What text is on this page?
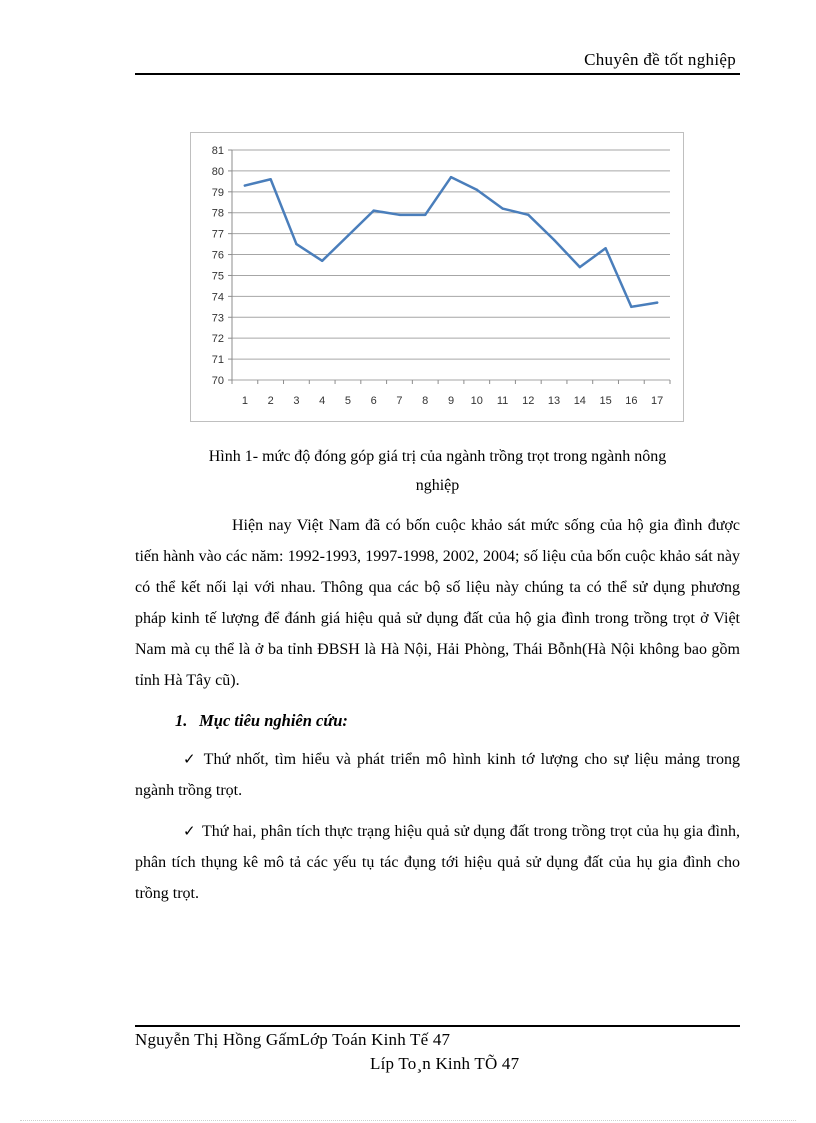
Chuyên đề tốt nghiệp
70
71
72
73
74
75
76
77
78
79
80
81
1 2 3 4 5 6 7 8 9 10 11 12 13 14 15 16 17
Hình 1- mức độ đóng góp giá trị của ngành trồng trọt trong ngành nông
nghiệp

Hiện nay Việt Nam đã có bốn cuộc khảo sát mức sống của hộ gia đình được tiến hành vào các năm: 1992-1993, 1997-1998, 2002, 2004; số liệu của bốn cuộc khảo sát này có thể kết nối lại với nhau. Thông qua các bộ số liệu này chúng ta có thể sử dụng phương pháp kinh tế lượng để đánh giá hiệu quả sử dụng đất của hộ gia đình trong trồng trọt ở Việt Nam mà cụ thể là ở ba tỉnh ĐBSH là Hà Nội, Hải Phòng, Thái Bỗnh(Hà Nội không bao gồm tỉnh Hà Tây cũ).

1. Mục tiêu nghiên cứu:

✓ Thứ nhốt, tìm hiểu và phát triển mô hình kinh tớ lượng cho sự liệu mảng trong ngành trồng trọt.

✓ Thứ hai, phân tích thực trạng hiệu quả sử dụng đất trong trồng trọt của hụ gia đình, phân tích thụng kê mô tả các yếu tụ tác đụng tới hiệu quả sử dụng đất của hụ gia đình cho trồng trọt.

Nguyễn Thị Hồng GấmLớp Toán Kinh Tế 47
Líp To¸n Kinh TÕ 47
